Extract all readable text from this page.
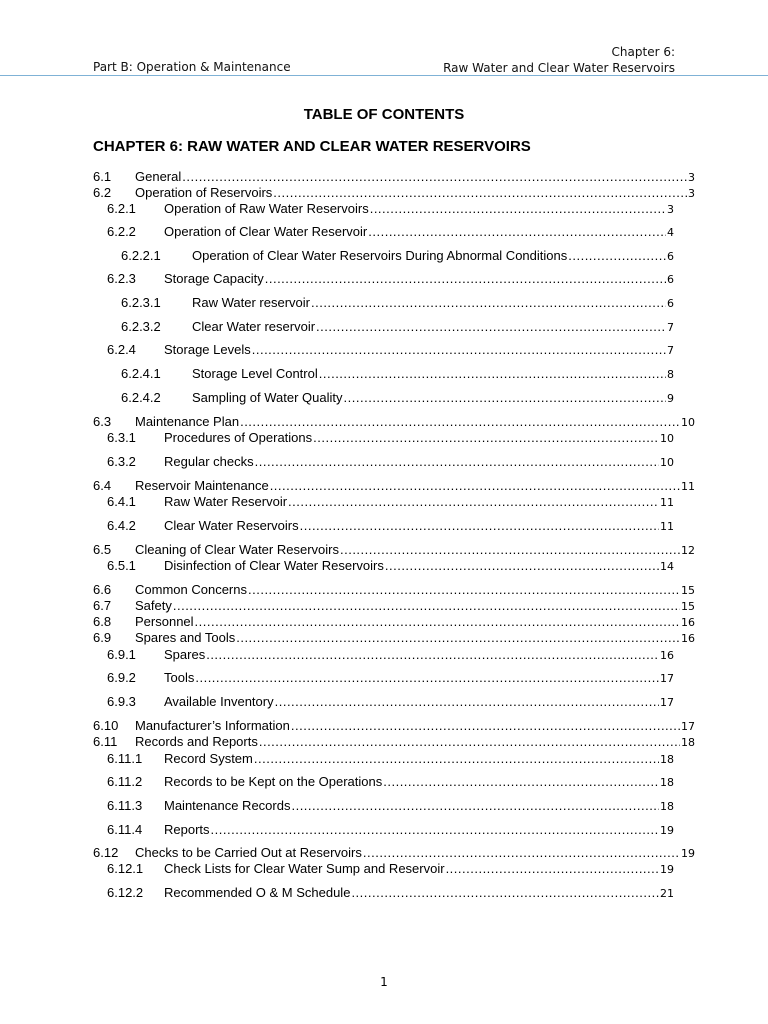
Part B: Operation & Maintenance
Chapter 6:
Raw Water and Clear Water Reservoirs
TABLE OF CONTENTS
CHAPTER 6: RAW WATER AND CLEAR WATER RESERVOIRS
6.1	General .....	3
6.2	Operation of Reservoirs .....	3
6.2.1	Operation of Raw Water Reservoirs .....	3
6.2.2	Operation of Clear Water Reservoir .....	4
6.2.2.1	Operation of Clear Water Reservoirs During Abnormal Conditions .....	6
6.2.3	Storage Capacity .....	6
6.2.3.1	Raw Water reservoir .....	6
6.2.3.2	Clear Water reservoir .....	7
6.2.4	Storage Levels .....	7
6.2.4.1	Storage Level Control .....	8
6.2.4.2	Sampling of Water Quality .....	9
6.3	Maintenance Plan .....	10
6.3.1	Procedures of Operations .....	10
6.3.2	Regular checks .....	10
6.4	Reservoir Maintenance .....	11
6.4.1	Raw Water Reservoir .....	11
6.4.2	Clear Water Reservoirs .....	11
6.5	Cleaning of Clear Water Reservoirs .....	12
6.5.1	Disinfection of Clear Water Reservoirs .....	14
6.6	Common Concerns .....	15
6.7	Safety .....	15
6.8	Personnel .....	16
6.9	Spares and Tools .....	16
6.9.1	Spares .....	16
6.9.2	Tools .....	17
6.9.3	Available Inventory .....	17
6.10	Manufacturer’s Information .....	17
6.11	Records and Reports .....	18
6.11.1	Record System .....	18
6.11.2	Records to be Kept on the Operations .....	18
6.11.3	Maintenance Records .....	18
6.11.4	Reports .....	19
6.12	Checks to be Carried Out at Reservoirs .....	19
6.12.1	Check Lists for Clear Water Sump and Reservoir .....	19
6.12.2	Recommended O & M Schedule .....	21
1
